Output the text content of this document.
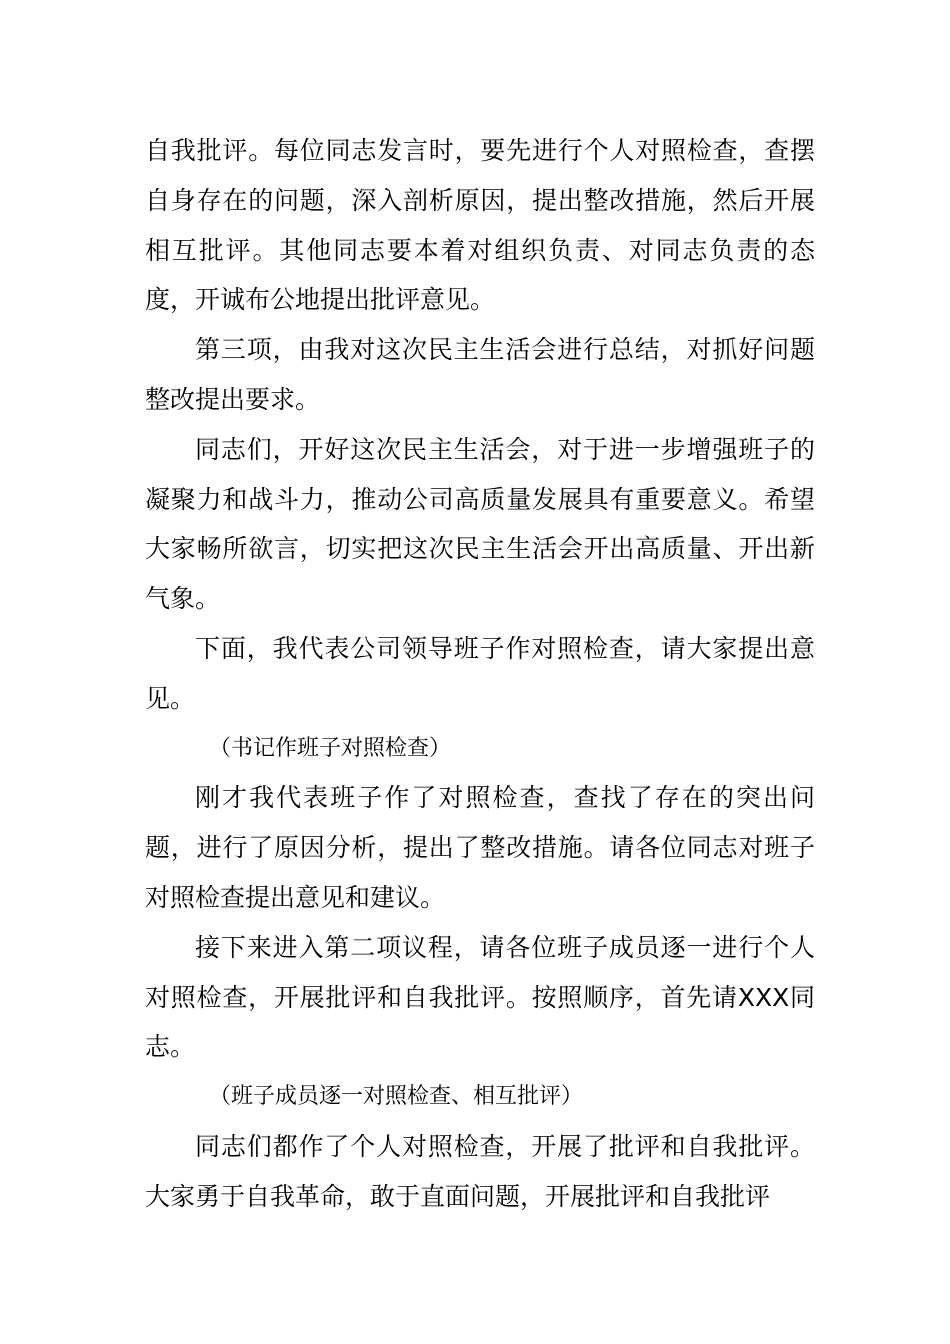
自我批评。每位同志发言时，要先进行个人对照检查，查摆自身存在的问题，深入剖析原因，提出整改措施，然后开展相互批评。其他同志要本着对组织负责、对同志负责的态度，开诚布公地提出批评意见。

第三项，由我对这次民主生活会进行总结，对抓好问题整改提出要求。

同志们，开好这次民主生活会，对于进一步增强班子的凝聚力和战斗力，推动公司高质量发展具有重要意义。希望大家畅所欲言，切实把这次民主生活会开出高质量、开出新气象。

下面，我代表公司领导班子作对照检查，请大家提出意见。

（书记作班子对照检查）

刚才我代表班子作了对照检查，查找了存在的突出问题，进行了原因分析，提出了整改措施。请各位同志对班子对照检查提出意见和建议。

接下来进入第二项议程，请各位班子成员逐一进行个人对照检查，开展批评和自我批评。按照顺序，首先请XXX同志。

（班子成员逐一对照检查、相互批评）

同志们都作了个人对照检查，开展了批评和自我批评。大家勇于自我革命，敢于直面问题，开展批评和自我批评
